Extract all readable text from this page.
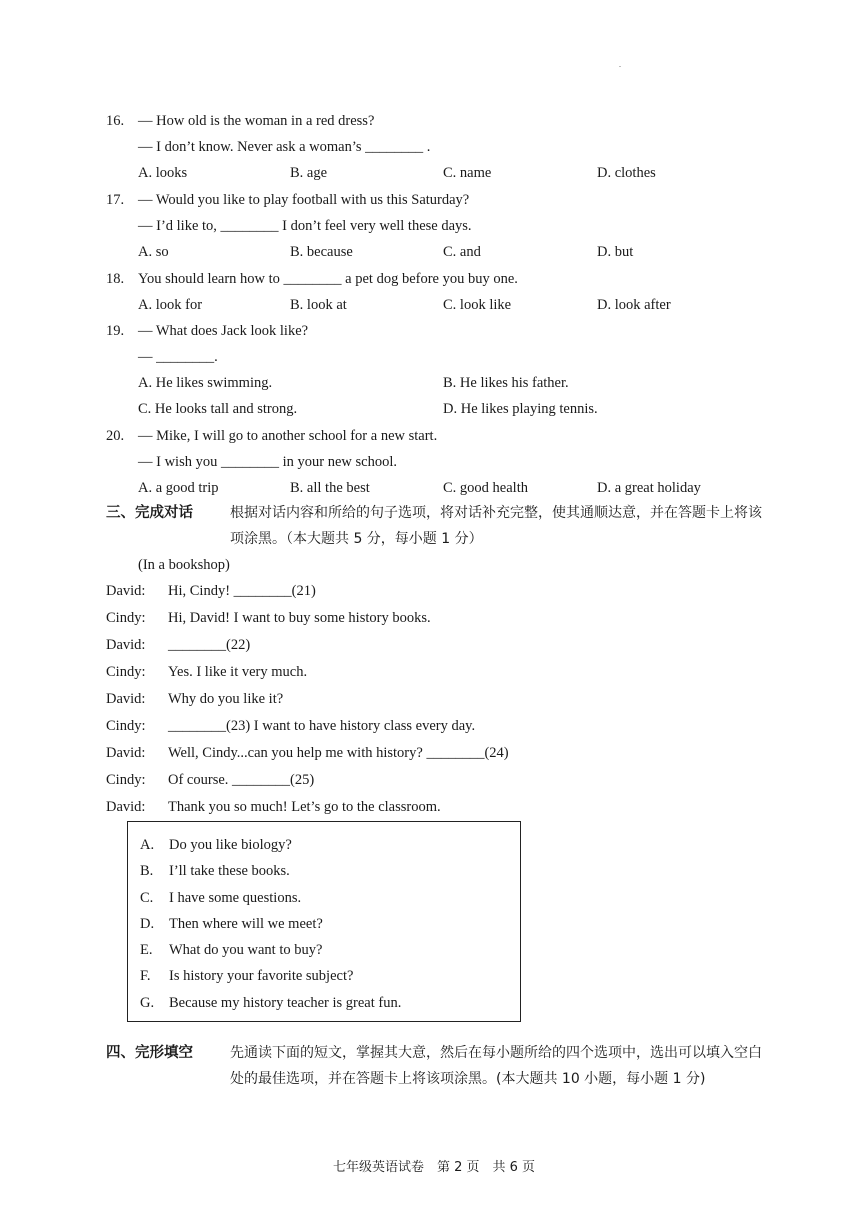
.
16. — How old is the woman in a red dress?
— I don’t know. Never ask a woman’s ________ .
A. looks	B. age	C. name	D. clothes
17. — Would you like to play football with us this Saturday?
— I’d like to, ________ I don’t feel very well these days.
A. so	B. because	C. and	D. but
18. You should learn how to ________ a pet dog before you buy one.
A. look for	B. look at	C. look like	D. look after
19. — What does Jack look like?
— ________.
A. He likes swimming.	B. He likes his father.
C. He looks tall and strong.	D. He likes playing tennis.
20. — Mike, I will go to another school for a new start.
— I wish you ________ in your new school.
A. a good trip	B. all the best	C. good health	D. a great holiday
三、完成对话	根据对话内容和所给的句子选项，将对话补充完整，使其通顺达意，并在答题卡上将该项涂黑。（本大题共 5 分，每小题 1 分）
(In a bookshop)
David: Hi, Cindy! ________(21)
Cindy: Hi, David! I want to buy some history books.
David: ________(22)
Cindy: Yes. I like it very much.
David: Why do you like it?
Cindy: ________(23) I want to have history class every day.
David: Well, Cindy...can you help me with history? ________(24)
Cindy: Of course. ________(25)
David: Thank you so much! Let’s go to the classroom.
A. Do you like biology?
B. I’ll take these books.
C. I have some questions.
D. Then where will we meet?
E. What do you want to buy?
F. Is history your favorite subject?
G. Because my history teacher is great fun.
四、完形填空	先通读下面的短文，掌握其大意，然后在每小题所给的四个选项中，选出可以填入空白处的最佳选项，并在答题卡上将该项涂黑。(本大题共 10 小题，每小题 1 分)
七年级英语试卷　第 2 页　共 6 页
